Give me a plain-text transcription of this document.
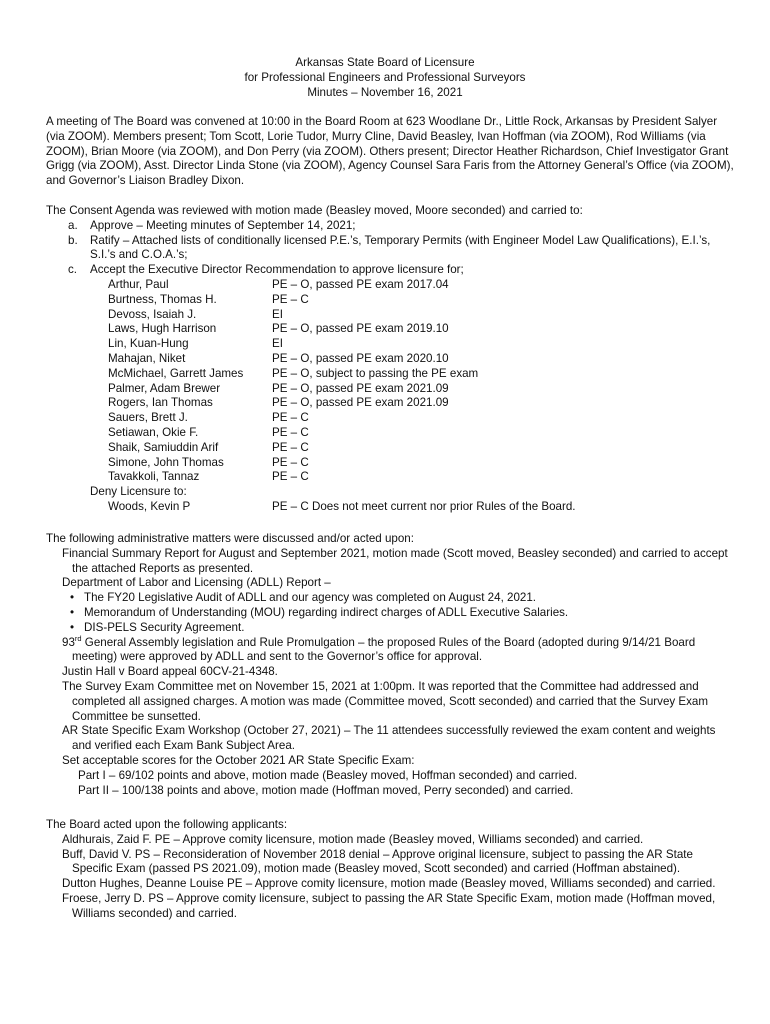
Arkansas State Board of Licensure
for Professional Engineers and Professional Surveyors
Minutes – November 16, 2021

A meeting of The Board was convened at 10:00 in the Board Room at 623 Woodlane Dr., Little Rock, Arkansas by President Salyer (via ZOOM). Members present; Tom Scott, Lorie Tudor, Murry Cline, David Beasley, Ivan Hoffman (via ZOOM), Rod Williams (via ZOOM), Brian Moore (via ZOOM), and Don Perry (via ZOOM). Others present; Director Heather Richardson, Chief Investigator Grant Grigg (via ZOOM), Asst. Director Linda Stone (via ZOOM), Agency Counsel Sara Faris from the Attorney General’s Office (via ZOOM), and Governor’s Liaison Bradley Dixon.

The Consent Agenda was reviewed with motion made (Beasley moved, Moore seconded) and carried to:

a. Approve – Meeting minutes of September 14, 2021;
b. Ratify – Attached lists of conditionally licensed P.E.’s, Temporary Permits (with Engineer Model Law Qualifications), E.I.’s, S.I.’s and C.O.A.’s;
c. Accept the Executive Director Recommendation to approve licensure for;
Arthur, Paul	PE – O, passed PE exam 2017.04
Burtness, Thomas H.	PE – C
Devoss, Isaiah J.	EI
Laws, Hugh Harrison	PE – O, passed PE exam 2019.10
Lin, Kuan-Hung	EI
Mahajan, Niket	PE – O, passed PE exam 2020.10
McMichael, Garrett James	PE – O, subject to passing the PE exam
Palmer, Adam Brewer	PE – O, passed PE exam 2021.09
Rogers, Ian Thomas	PE – O, passed PE exam 2021.09
Sauers, Brett J.	PE – C
Setiawan, Okie F.	PE – C
Shaik, Samiuddin Arif	PE – C
Simone, John Thomas	PE – C
Tavakkoli, Tannaz	PE – C
Deny Licensure to:
Woods, Kevin P	PE – C Does not meet current nor prior Rules of the Board.

The following administrative matters were discussed and/or acted upon:

Financial Summary Report for August and September 2021, motion made (Scott moved, Beasley seconded) and carried to accept the attached Reports as presented.

Department of Labor and Licensing (ADLL) Report –

• The FY20 Legislative Audit of ADLL and our agency was completed on August 24, 2021.
• Memorandum of Understanding (MOU) regarding indirect charges of ADLL Executive Salaries.
• DIS-PELS Security Agreement.

93rd General Assembly legislation and Rule Promulgation – the proposed Rules of the Board (adopted during 9/14/21 Board meeting) were approved by ADLL and sent to the Governor’s office for approval.

Justin Hall v Board appeal 60CV-21-4348.

The Survey Exam Committee met on November 15, 2021 at 1:00pm. It was reported that the Committee had addressed and completed all assigned charges. A motion was made (Committee moved, Scott seconded) and carried that the Survey Exam Committee be sunsetted.

AR State Specific Exam Workshop (October 27, 2021) – The 11 attendees successfully reviewed the exam content and weights and verified each Exam Bank Subject Area.

Set acceptable scores for the October 2021 AR State Specific Exam:

Part I – 69/102 points and above, motion made (Beasley moved, Hoffman seconded) and carried.

Part II – 100/138 points and above, motion made (Hoffman moved, Perry seconded) and carried.

The Board acted upon the following applicants:

Aldhurais, Zaid F. PE – Approve comity licensure, motion made (Beasley moved, Williams seconded) and carried.

Buff, David V. PS – Reconsideration of November 2018 denial – Approve original licensure, subject to passing the AR State Specific Exam (passed PS 2021.09), motion made (Beasley moved, Scott seconded) and carried (Hoffman abstained).

Dutton Hughes, Deanne Louise PE – Approve comity licensure, motion made (Beasley moved, Williams seconded) and carried.

Froese, Jerry D. PS – Approve comity licensure, subject to passing the AR State Specific Exam, motion made (Hoffman moved, Williams seconded) and carried.
